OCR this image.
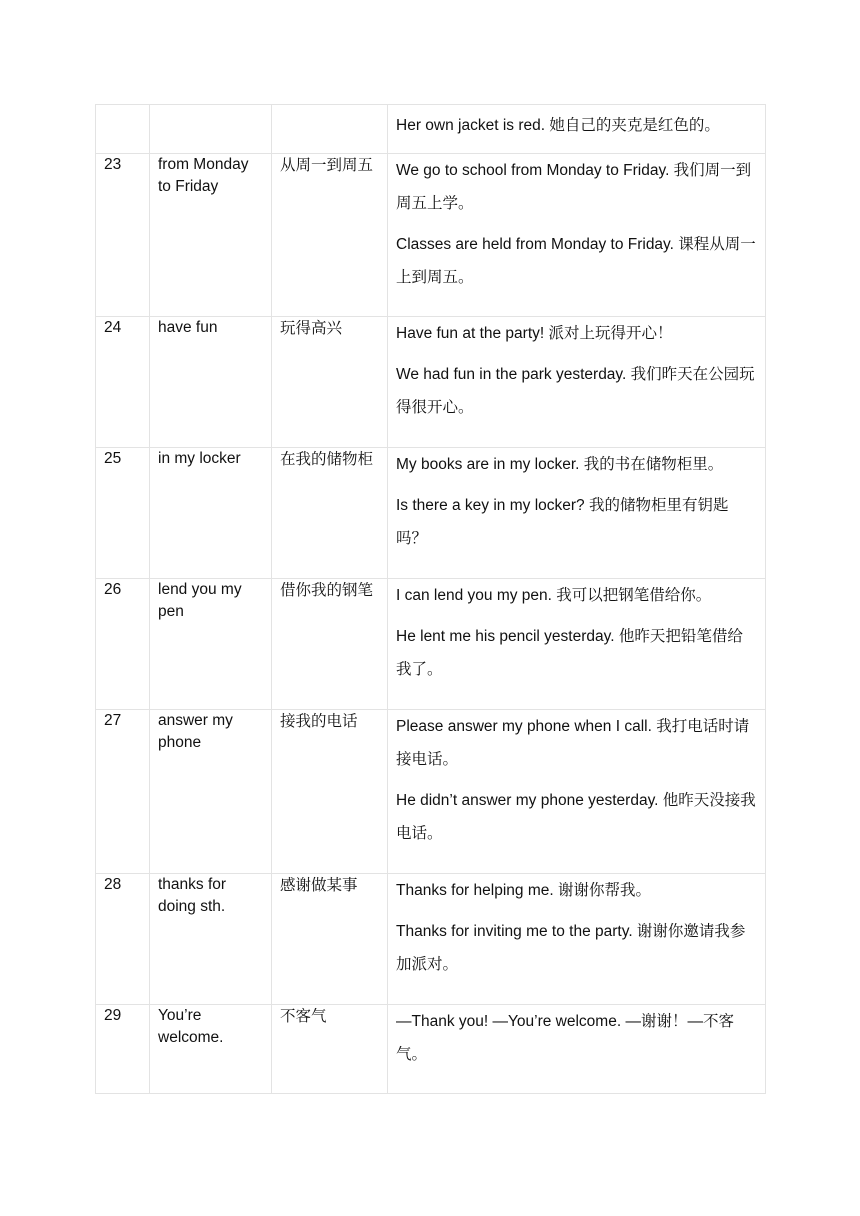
			Her own jacket is red. 她自己的夹克是红色的。

23	from Monday to Friday	从周一到周五	We go to school from Monday to Friday. 我们周一到周五上学。

Classes are held from Monday to Friday. 课程从周一上到周五。

24	have fun	玩得高兴	Have fun at the party! 派对上玩得开心！

We had fun in the park yesterday. 我们昨天在公园玩得很开心。

25	in my locker	在我的储物柜	My books are in my locker. 我的书在储物柜里。

Is there a key in my locker? 我的储物柜里有钥匙吗？

26	lend you my pen	借你我的钢笔	I can lend you my pen. 我可以把钢笔借给你。

He lent me his pencil yesterday. 他昨天把铅笔借给我了。

27	answer my phone	接我的电话	Please answer my phone when I call. 我打电话时请接电话。

He didn’t answer my phone yesterday. 他昨天没接我电话。

28	thanks for doing sth.	感谢做某事	Thanks for helping me. 谢谢你帮我。

Thanks for inviting me to the party. 谢谢你邀请我参加派对。

29	You’re welcome.	不客气	—Thank you! —You’re welcome. —谢谢！—不客气。
